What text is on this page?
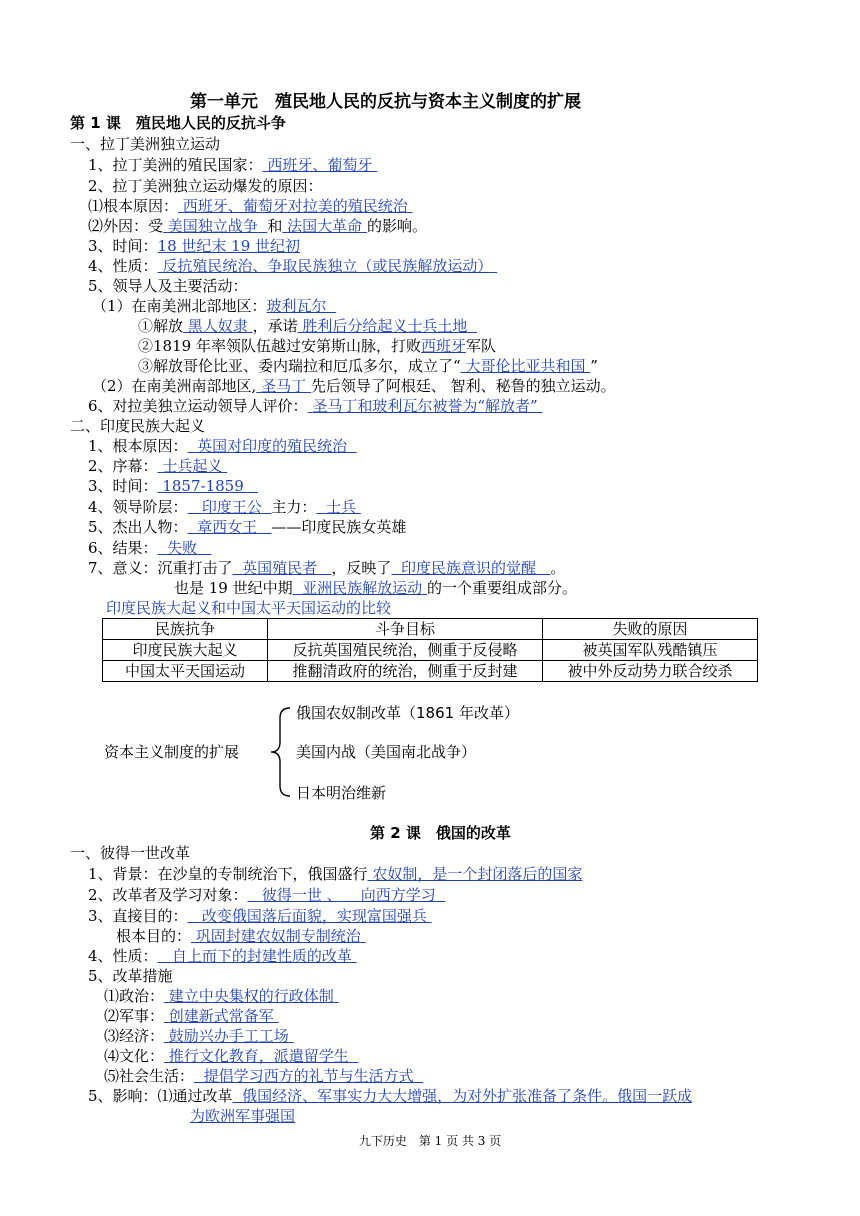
第一单元　殖民地人民的反抗与资本主义制度的扩展
第 1 课　殖民地人民的反抗斗争
一、拉丁美洲独立运动
1、拉丁美洲的殖民国家： 西班牙、葡萄牙
2、拉丁美洲独立运动爆发的原因：
⑴根本原因： 西班牙、葡萄牙对拉美的殖民统治
⑵外因：受 美国独立战争 和 法国大革命 的影响。
3、时间：18 世纪末 19 世纪初
4、性质： 反抗殖民统治、争取民族独立（或民族解放运动）
5、领导人及主要活动：
（1）在南美洲北部地区：玻利瓦尔
①解放 黑人奴隶 ，承诺 胜利后分给起义士兵土地
②1819 年率领队伍越过安第斯山脉，打败西班牙军队
③解放哥伦比亚、委内瑞拉和厄瓜多尔，成立了“ 大哥伦比亚共和国 ”
（2）在南美洲南部地区, 圣马丁 先后领导了阿根廷、 智利、秘鲁的独立运动。
6、对拉美独立运动领导人评价： 圣马丁和玻利瓦尔被誉为“解放者”
二、印度民族大起义
1、根本原因： 英国对印度的殖民统治
2、序幕： 士兵起义
3、时间： 1857-1859
4、领导阶层： 印度王公 主力： 士兵
5、杰出人物： 章西女王 ——印度民族女英雄
6、结果： 失败
7、意义：沉重打击了 英国殖民者 ，反映了 印度民族意识的觉醒 。
也是 19 世纪中期 亚洲民族解放运动 的一个重要组成部分。
印度民族大起义和中国太平天国运动的比较
民族抗争	斗争目标	失败的原因
印度民族大起义	反抗英国殖民统治，侧重于反侵略	被英国军队残酷镇压
中国太平天国运动	推翻清政府的统治，侧重于反封建	被中外反动势力联合绞杀
资本主义制度的扩展
俄国农奴制改革（1861 年改革）
美国内战（美国南北战争）
日本明治维新
第 2 课　俄国的改革
一、彼得一世改革
1、背景：在沙皇的专制统治下，俄国盛行 农奴制，是一个封闭落后的国家
2、改革者及学习对象： 彼得一世 、 向西方学习
3、直接目的： 改变俄国落后面貌，实现富国强兵
根本目的： 巩固封建农奴制专制统治
4、性质： 自上而下的封建性质的改革
5、改革措施
⑴政治： 建立中央集权的行政体制
⑵军事： 创建新式常备军
⑶经济： 鼓励兴办手工工场
⑷文化： 推行文化教育，派遣留学生
⑸社会生活： 提倡学习西方的礼节与生活方式
5、影响：⑴通过改革 俄国经济、军事实力大大增强，为对外扩张准备了条件。俄国一跃成
为欧洲军事强国
九下历史　第 1 页 共 3 页
